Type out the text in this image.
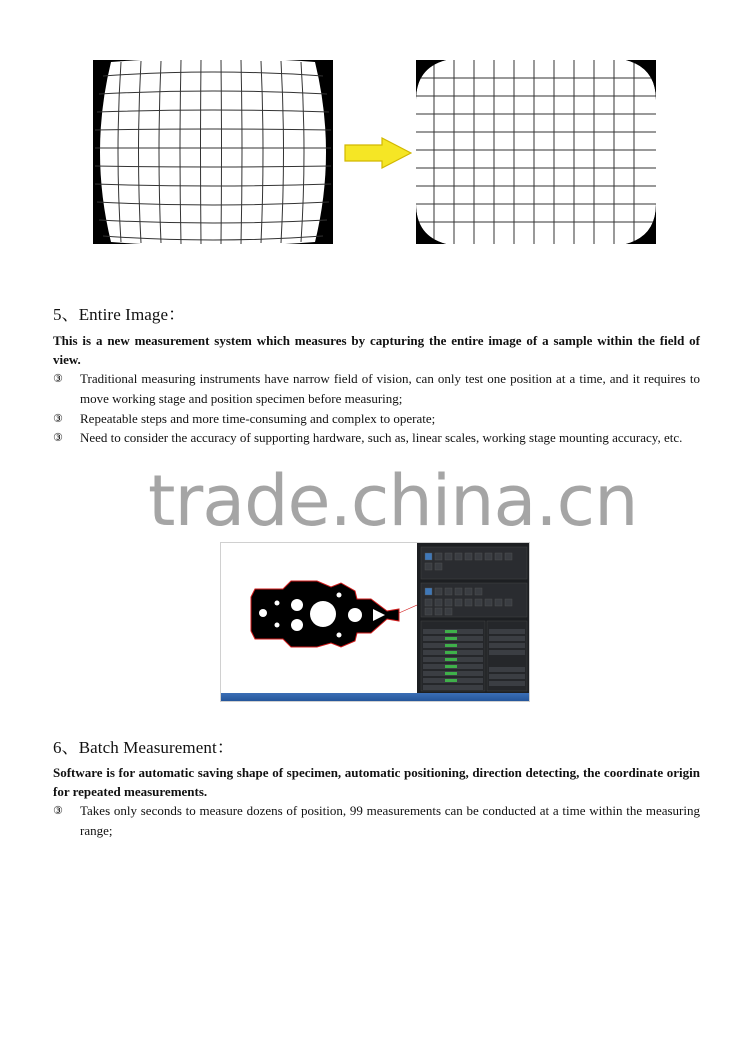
5、Entire Image：
This is a new measurement system which measures by capturing the entire image of a sample within the field of view.
③	Traditional measuring instruments have narrow field of vision, can only test one position at a time, and it requires to move working stage and position specimen before measuring;
③	Repeatable steps and more time-consuming and complex to operate;
③	Need to consider the accuracy of supporting hardware, such as, linear scales, working stage mounting accuracy, etc.
trade.china.cn
6、Batch Measurement：
Software is for automatic saving shape of specimen, automatic positioning, direction detecting, the coordinate origin for repeated measurements.
③	Takes only seconds to measure dozens of position, 99 measurements can be conducted at a time within the measuring range;
